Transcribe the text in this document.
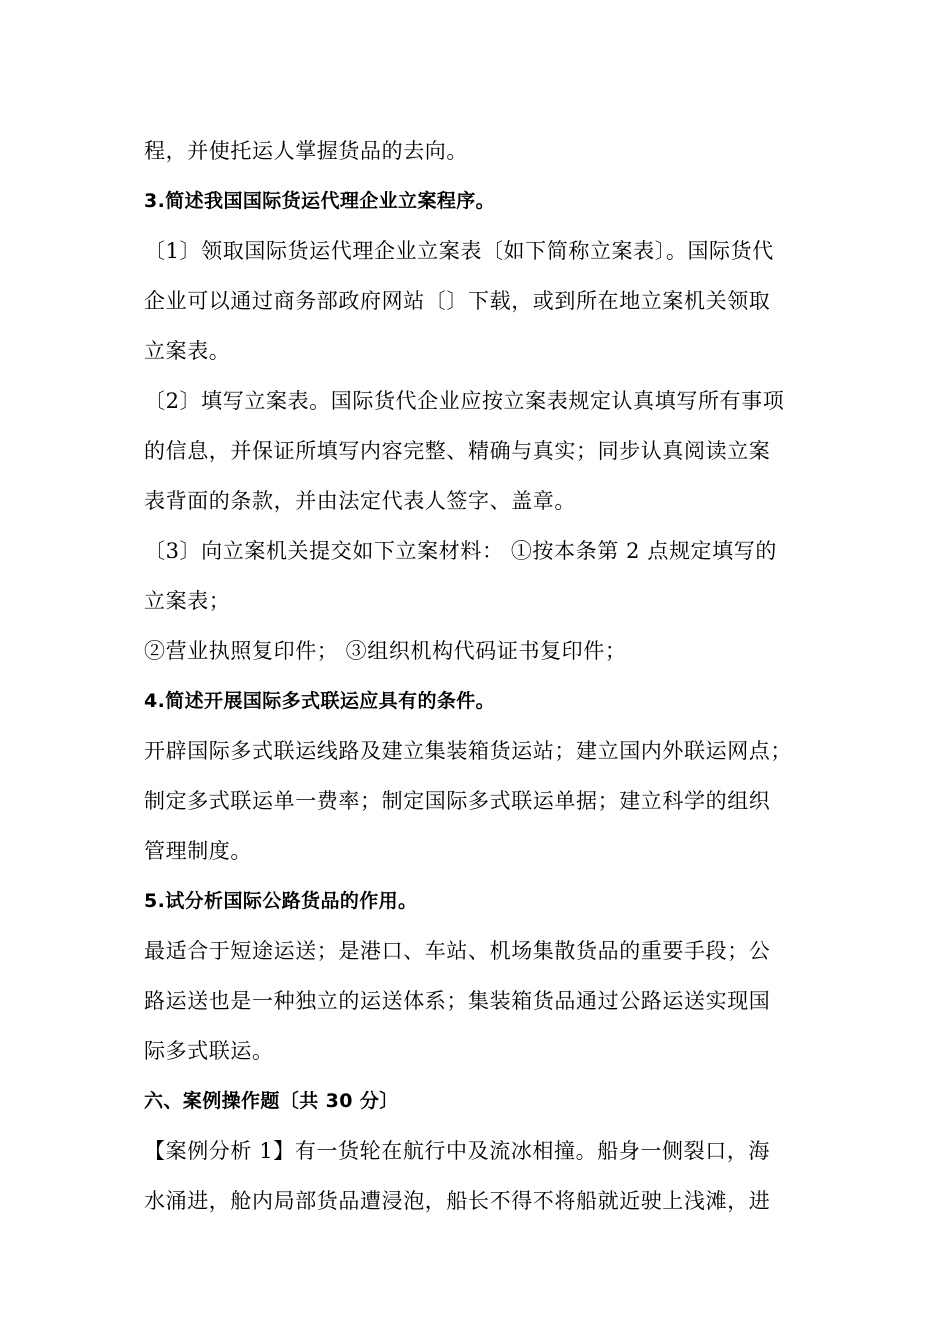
程，并使托运人掌握货品的去向。
3.简述我国国际货运代理企业立案程序。
〔1〕领取国际货运代理企业立案表〔如下简称立案表〕。国际货代
企业可以通过商务部政府网站〔〕下载，或到所在地立案机关领取
立案表。
〔2〕填写立案表。国际货代企业应按立案表规定认真填写所有事项
的信息，并保证所填写内容完整、精确与真实；同步认真阅读立案
表背面的条款，并由法定代表人签字、盖章。
〔3〕向立案机关提交如下立案材料： ①按本条第 2 点规定填写的
立案表；
②营业执照复印件； ③组织机构代码证书复印件；
4.简述开展国际多式联运应具有的条件。
开辟国际多式联运线路及建立集装箱货运站；建立国内外联运网点；
制定多式联运单一费率；制定国际多式联运单据；建立科学的组织
管理制度。
5.试分析国际公路货品的作用。
最适合于短途运送；是港口、车站、机场集散货品的重要手段；公
路运送也是一种独立的运送体系；集装箱货品通过公路运送实现国
际多式联运。
六、案例操作题〔共 30 分〕
【案例分析 1】有一货轮在航行中及流冰相撞。船身一侧裂口，海
水涌进，舱内局部货品遭浸泡，船长不得不将船就近驶上浅滩，进
